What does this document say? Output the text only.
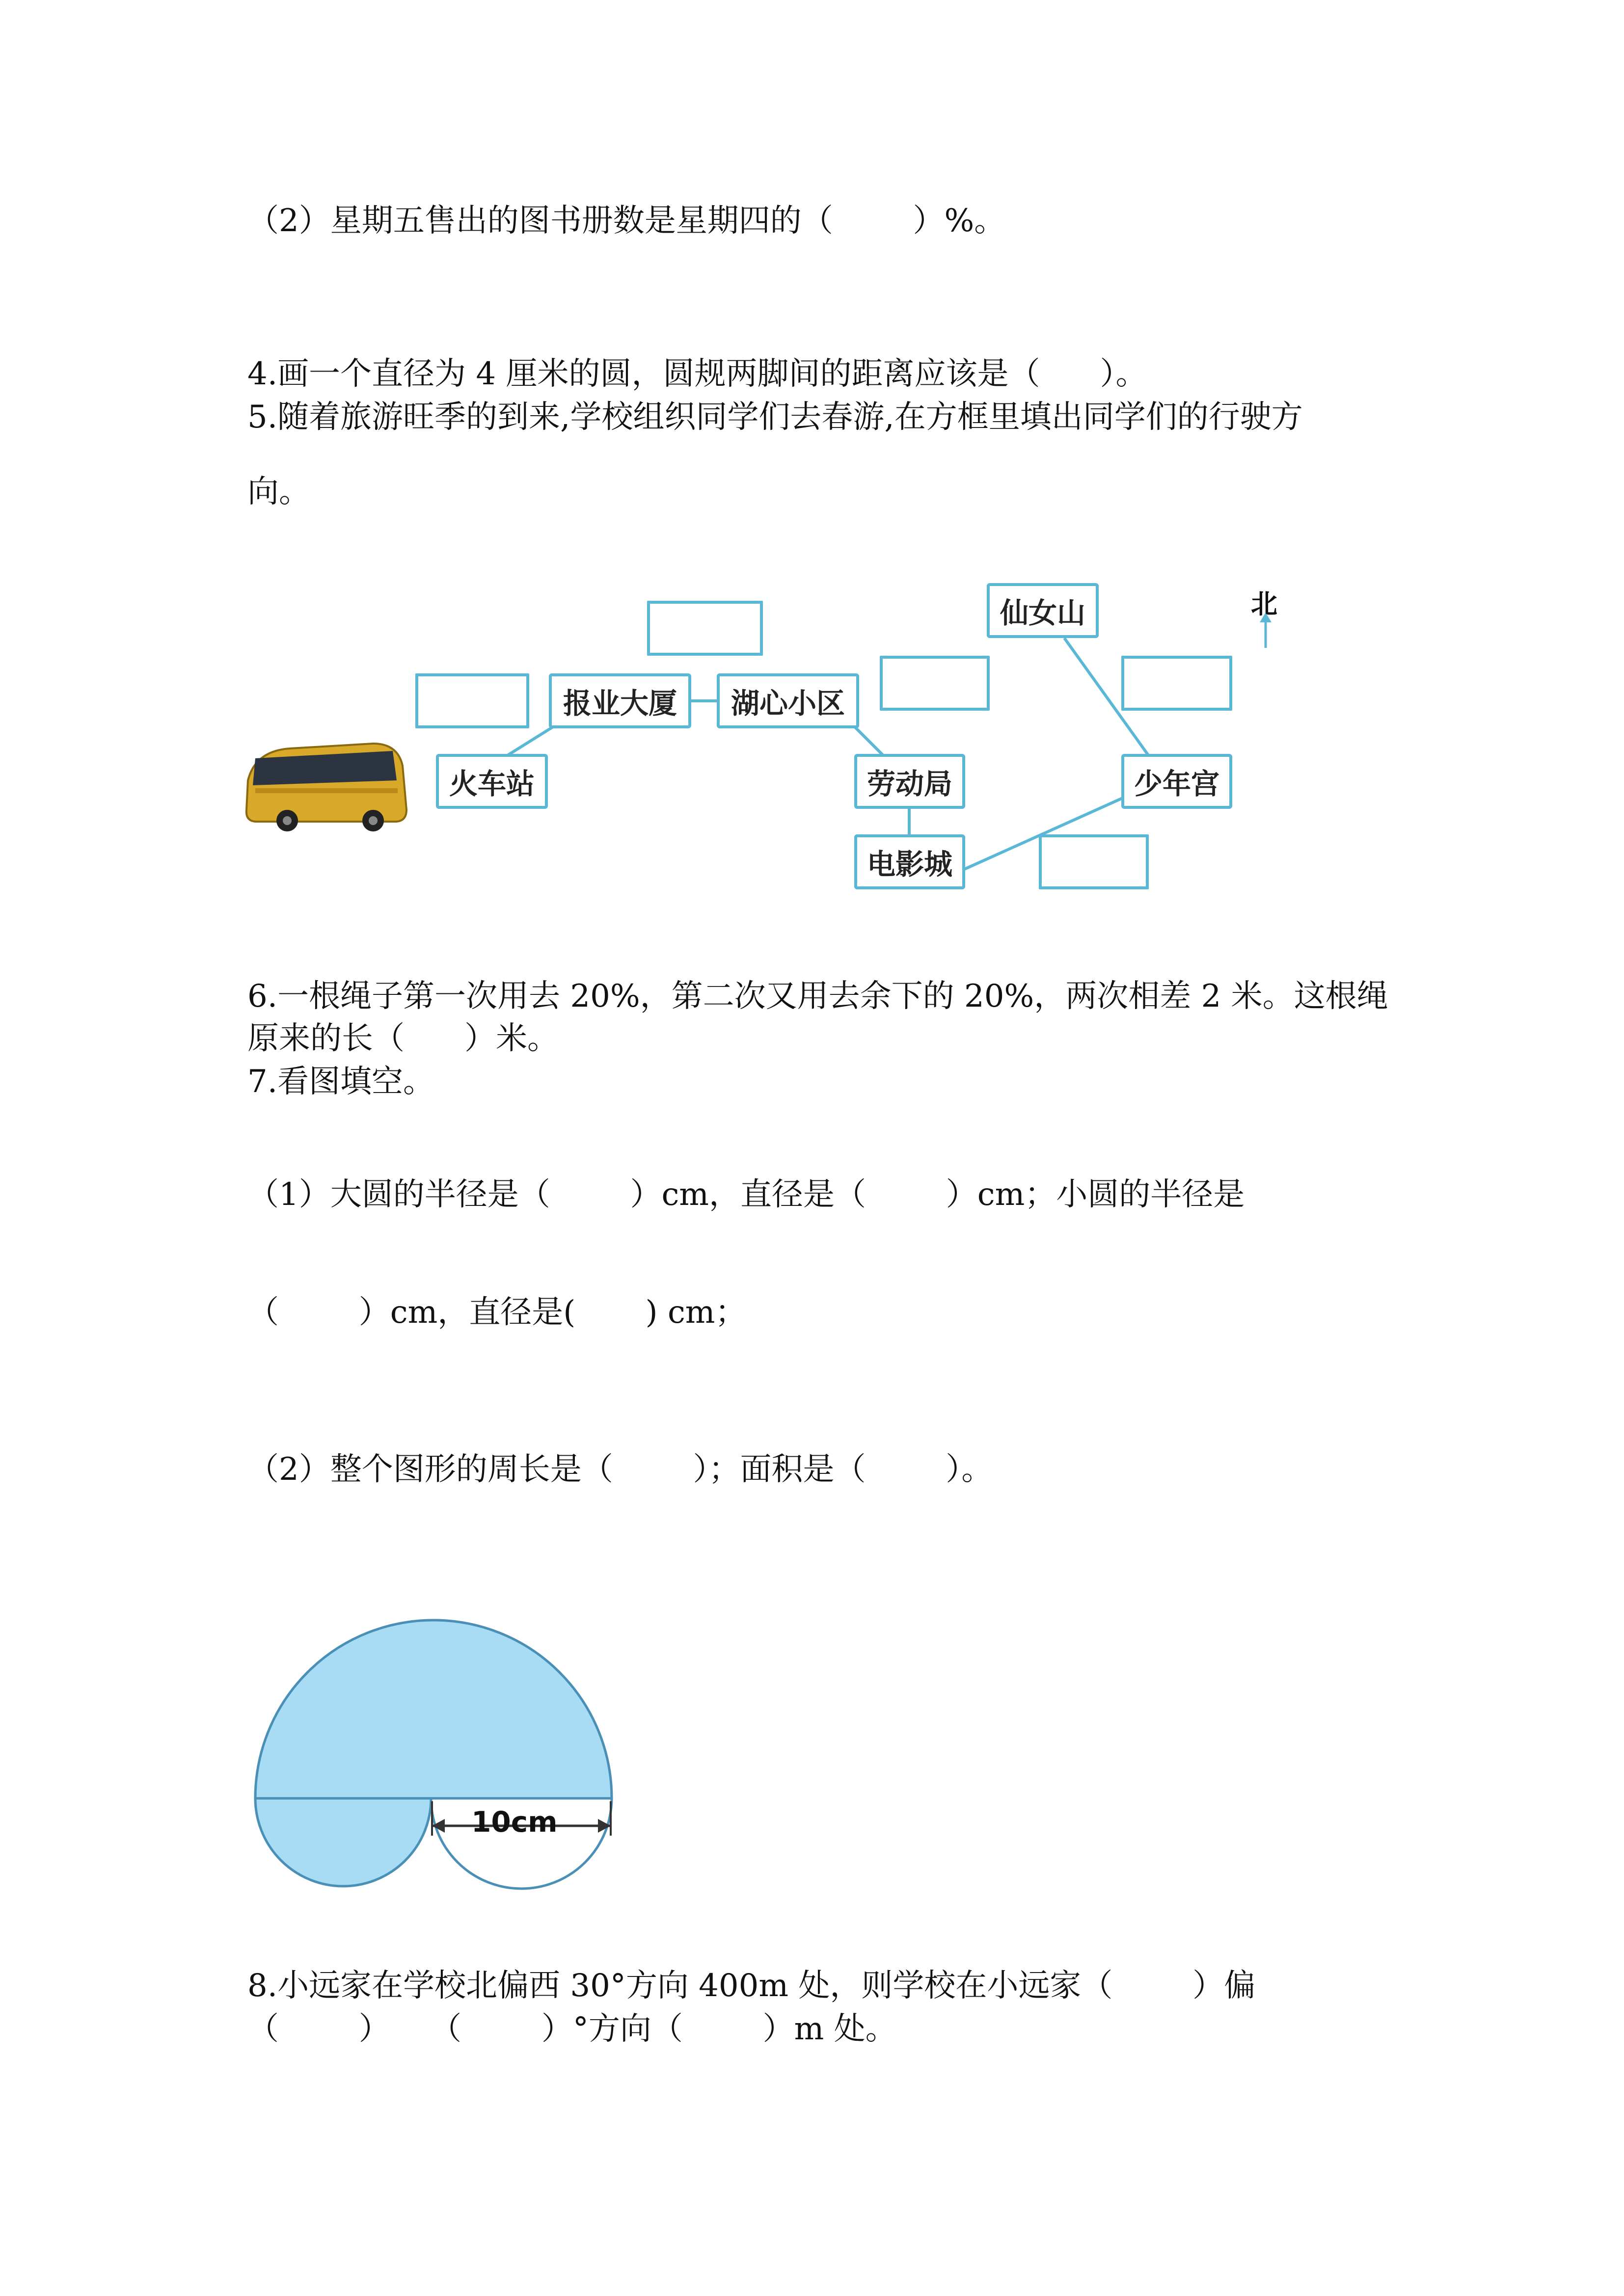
（2）星期五售出的图书册数是星期四的（        ）%。
4.画一个直径为 4 厘米的圆，圆规两脚间的距离应该是（      ）。
5.随着旅游旺季的到来,学校组织同学们去春游,在方框里填出同学们的行驶方
向。
北
报业大厦	湖心小区
火车站	劳动局
电影城
少年宫
仙女山
6.一根绳子第一次用去 20%，第二次又用去余下的 20%，两次相差 2 米。这根绳
原来的长（      ）米。
7.看图填空。
（1）大圆的半径是（        ）cm，直径是（        ）cm；小圆的半径是
（        ）cm，直径是(       ) cm；
（2）整个图形的周长是（        ）；面积是（        ）。
10cm
8.小远家在学校北偏西 30°方向 400m 处，则学校在小远家（        ）偏
（        ）    （        ）°方向（        ）m 处。
